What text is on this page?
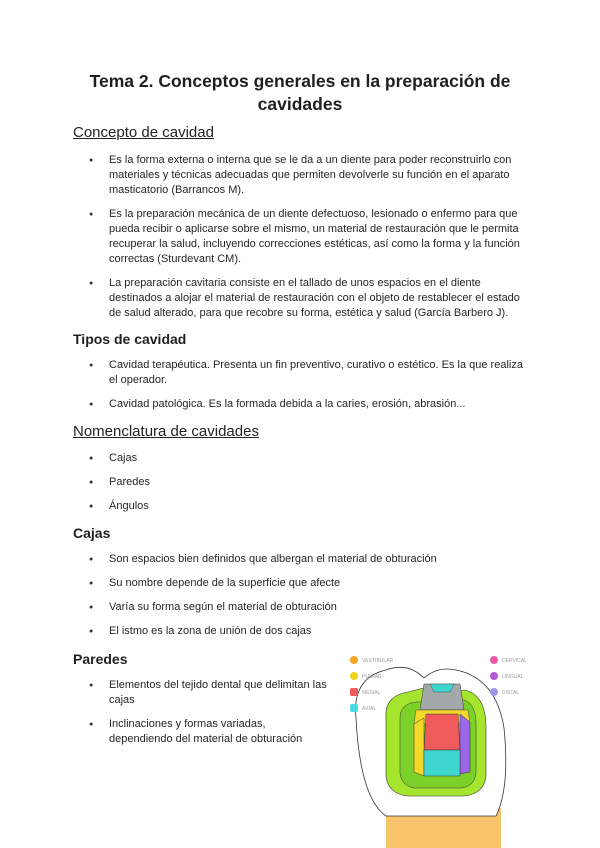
Tema 2. Conceptos generales en la preparación de cavidades
Concepto de cavidad
● Es la forma externa o interna que se le da a un diente para poder reconstruirlo con materiales y técnicas adecuadas que permiten devolverle su función en el aparato masticatorio (Barrancos M).
● Es la preparación mecánica de un diente defectuoso, lesionado o enfermo para que pueda recibir o aplicarse sobre el mismo, un material de restauración que le permita recuperar la salud, incluyendo correcciones estéticas, así como la forma y la función correctas (Sturdevant CM).
● La preparación cavitaria consiste en el tallado de unos espacios en el diente destinados a alojar el material de restauración con el objeto de restablecer el estado de salud alterado, para que recobre su forma, estética y salud (García Barbero J).
Tipos de cavidad
● Cavidad terapéutica. Presenta un fin preventivo, curativo o estético. Es la que realiza el operador.
● Cavidad patológica. Es la formada debida a la caries, erosión, abrasión...
Nomenclatura de cavidades
● Cajas
● Paredes
● Ángulos
Cajas
● Son espacios bien definidos que albergan el material de obturación
● Su nombre depende de la superficie que afecte
● Varía su forma según el material de obturación
● El istmo es la zona de unión de dos cajas
Paredes
● Elementos del tejido dental que delimitan las cajas
● Inclinaciones y formas variadas, dependiendo del material de obturación
VESTIBULAR
PULPAR
MESIAL
AXIAL
CERVICAL
LINGUAL
DISTAL
